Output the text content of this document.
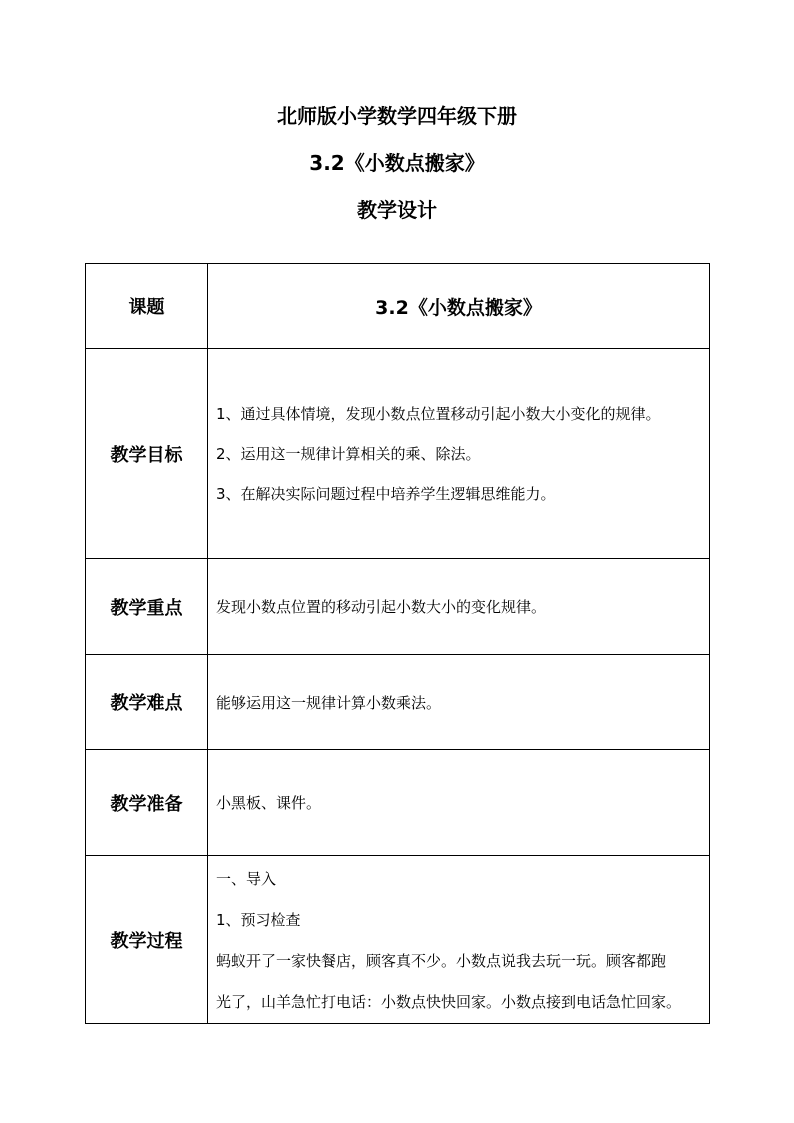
北师版小学数学四年级下册
3.2《小数点搬家》
教学设计
课题	3.2《小数点搬家》
教学目标	1、通过具体情境，发现小数点位置移动引起小数大小变化的规律。
2、运用这一规律计算相关的乘、除法。
3、在解决实际问题过程中培养学生逻辑思维能力。

教学重点	发现小数点位置的移动引起小数大小的变化规律。
教学难点	能够运用这一规律计算小数乘法。
教学准备	小黑板、课件。
教学过程	一、导入
1、预习检查
蚂蚁开了一家快餐店，顾客真不少。小数点说我去玩一玩。顾客都跑
光了，山羊急忙打电话：小数点快快回家。小数点接到电话急忙回家。
